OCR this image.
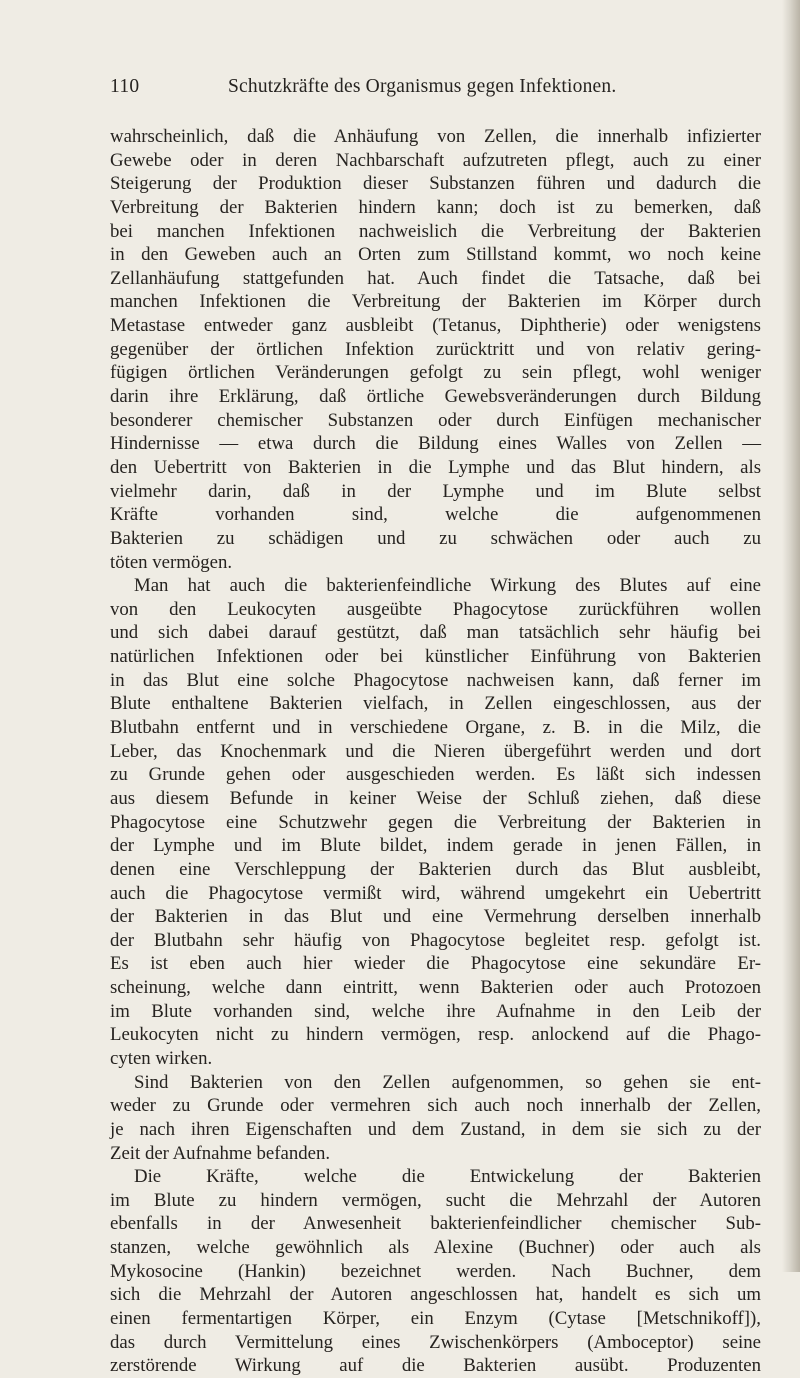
110	Schutzkräfte des Organismus gegen Infektionen.
wahrscheinlich, daß die Anhäufung von Zellen, die innerhalb infizierter
Gewebe oder in deren Nachbarschaft aufzutreten pflegt, auch zu einer
Steigerung der Produktion dieser Substanzen führen und dadurch die
Verbreitung der Bakterien hindern kann; doch ist zu bemerken, daß
bei manchen Infektionen nachweislich die Verbreitung der Bakterien
in den Geweben auch an Orten zum Stillstand kommt, wo noch keine
Zellanhäufung stattgefunden hat. Auch findet die Tatsache, daß bei
manchen Infektionen die Verbreitung der Bakterien im Körper durch
Metastase entweder ganz ausbleibt (Tetanus, Diphtherie) oder wenigstens
gegenüber der örtlichen Infektion zurücktritt und von relativ gering-
fügigen örtlichen Veränderungen gefolgt zu sein pflegt, wohl weniger
darin ihre Erklärung, daß örtliche Gewebsveränderungen durch Bildung
besonderer chemischer Substanzen oder durch Einfügen mechanischer
Hindernisse — etwa durch die Bildung eines Walles von Zellen —
den Uebertritt von Bakterien in die Lymphe und das Blut hindern, als
vielmehr darin, daß in der Lymphe und im Blute selbst
Kräfte vorhanden sind, welche die aufgenommenen
Bakterien zu schädigen und zu schwächen oder auch zu
töten vermögen.
Man hat auch die bakterienfeindliche Wirkung des Blutes auf eine
von den Leukocyten ausgeübte Phagocytose zurückführen wollen
und sich dabei darauf gestützt, daß man tatsächlich sehr häufig bei
natürlichen Infektionen oder bei künstlicher Einführung von Bakterien
in das Blut eine solche Phagocytose nachweisen kann, daß ferner im
Blute enthaltene Bakterien vielfach, in Zellen eingeschlossen, aus der
Blutbahn entfernt und in verschiedene Organe, z. B. in die Milz, die
Leber, das Knochenmark und die Nieren übergeführt werden und dort
zu Grunde gehen oder ausgeschieden werden. Es läßt sich indessen
aus diesem Befunde in keiner Weise der Schluß ziehen, daß diese
Phagocytose eine Schutzwehr gegen die Verbreitung der Bakterien in
der Lymphe und im Blute bildet, indem gerade in jenen Fällen, in
denen eine Verschleppung der Bakterien durch das Blut ausbleibt,
auch die Phagocytose vermißt wird, während umgekehrt ein Uebertritt
der Bakterien in das Blut und eine Vermehrung derselben innerhalb
der Blutbahn sehr häufig von Phagocytose begleitet resp. gefolgt ist.
Es ist eben auch hier wieder die Phagocytose eine sekundäre Er-
scheinung, welche dann eintritt, wenn Bakterien oder auch Protozoen
im Blute vorhanden sind, welche ihre Aufnahme in den Leib der
Leukocyten nicht zu hindern vermögen, resp. anlockend auf die Phago-
cyten wirken.
Sind Bakterien von den Zellen aufgenommen, so gehen sie ent-
weder zu Grunde oder vermehren sich auch noch innerhalb der Zellen,
je nach ihren Eigenschaften und dem Zustand, in dem sie sich zu der
Zeit der Aufnahme befanden.
Die Kräfte, welche die Entwickelung der Bakterien
im Blute zu hindern vermögen, sucht die Mehrzahl der Autoren
ebenfalls in der Anwesenheit bakterienfeindlicher chemischer Sub-
stanzen, welche gewöhnlich als Alexine (Buchner) oder auch als
Mykosocine (Hankin) bezeichnet werden. Nach Buchner, dem
sich die Mehrzahl der Autoren angeschlossen hat, handelt es sich um
einen fermentartigen Körper, ein Enzym (Cytase [Metschnikoff]),
das durch Vermittelung eines Zwischenkörpers (Amboceptor) seine
zerstörende Wirkung auf die Bakterien ausübt. Produzenten
